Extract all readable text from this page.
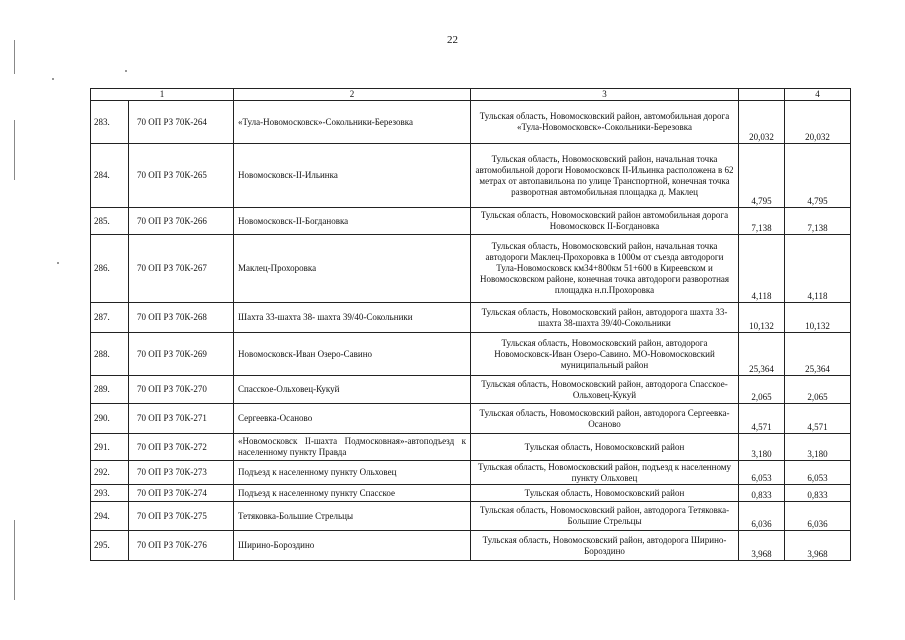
22
1		2	3		4
283.	70 ОП РЗ 70К-264	«Тула-Новомосковск»-Сокольники-Березовка	Тульская область, Новомосковский район, автомобильная дорога «Тула-Новомосковск»-Сокольники-Березовка	20,032	20,032
284.	70 ОП РЗ 70К-265	Новомосковск-II-Ильинка	Тульская область, Новомосковский район, начальная точка автомобильной дороги Новомосковск II-Ильинка расположена в 62 метрах от автопавильона по улице Транспортной, конечная точка разворотная автомобильная площадка д. Маклец	4,795	4,795
285.	70 ОП РЗ 70К-266	Новомосковск-II-Богдановка	Тульская область, Новомосковский район автомобильная дорога Новомосковск II-Богдановка	7,138	7,138
286.	70 ОП РЗ 70К-267	Маклец-Прохоровка	Тульская область, Новомосковский район, начальная точка автодороги Маклец-Прохоровка в 1000м от съезда автодороги Тула-Новомосковск км34+800км 51+600 в Киреевском и Новомосковском районе, конечная точка автодороги разворотная площадка н.п.Прохоровка	4,118	4,118
287.	70 ОП РЗ 70К-268	Шахта 33-шахта 38- шахта 39/40-Сокольники	Тульская область, Новомосковский район, автодорога шахта 33-шахта 38-шахта 39/40-Сокольники	10,132	10,132
288.	70 ОП РЗ 70К-269	Новомосковск-Иван Озеро-Савино	Тульская область, Новомосковский район, автодорога Новомосковск-Иван Озеро-Савино. МО-Новомосковский муниципальный район	25,364	25,364
289.	70 ОП РЗ 70К-270	Спасское-Ольховец-Кукуй	Тульская область, Новомосковский район, автодорога Спасское-Ольховец-Кукуй	2,065	2,065
290.	70 ОП РЗ 70К-271	Сергеевка-Осаново	Тульская область, Новомосковский район, автодорога Сергеевка-Осаново	4,571	4,571
291.	70 ОП РЗ 70К-272	«Новомосковск II-шахта Подмосковная»-автоподъезд к населенному пункту Правда	Тульская область, Новомосковский район	3,180	3,180
292.	70 ОП РЗ 70К-273	Подъезд к населенному пункту Ольховец	Тульская область, Новомосковский район, подъезд к населенному пункту Ольховец	6,053	6,053
293.	70 ОП РЗ 70К-274	Подъезд к населенному пункту Спасское	Тульская область, Новомосковский район	0,833	0,833
294.	70 ОП РЗ 70К-275	Тетяковка-Большие Стрельцы	Тульская область, Новомосковский район, автодорога Тетяковка-Большие Стрельцы	6,036	6,036
295.	70 ОП РЗ 70К-276	Ширино-Бороздино	Тульская область, Новомосковский район, автодорога Ширино-Бороздино	3,968	3,968
